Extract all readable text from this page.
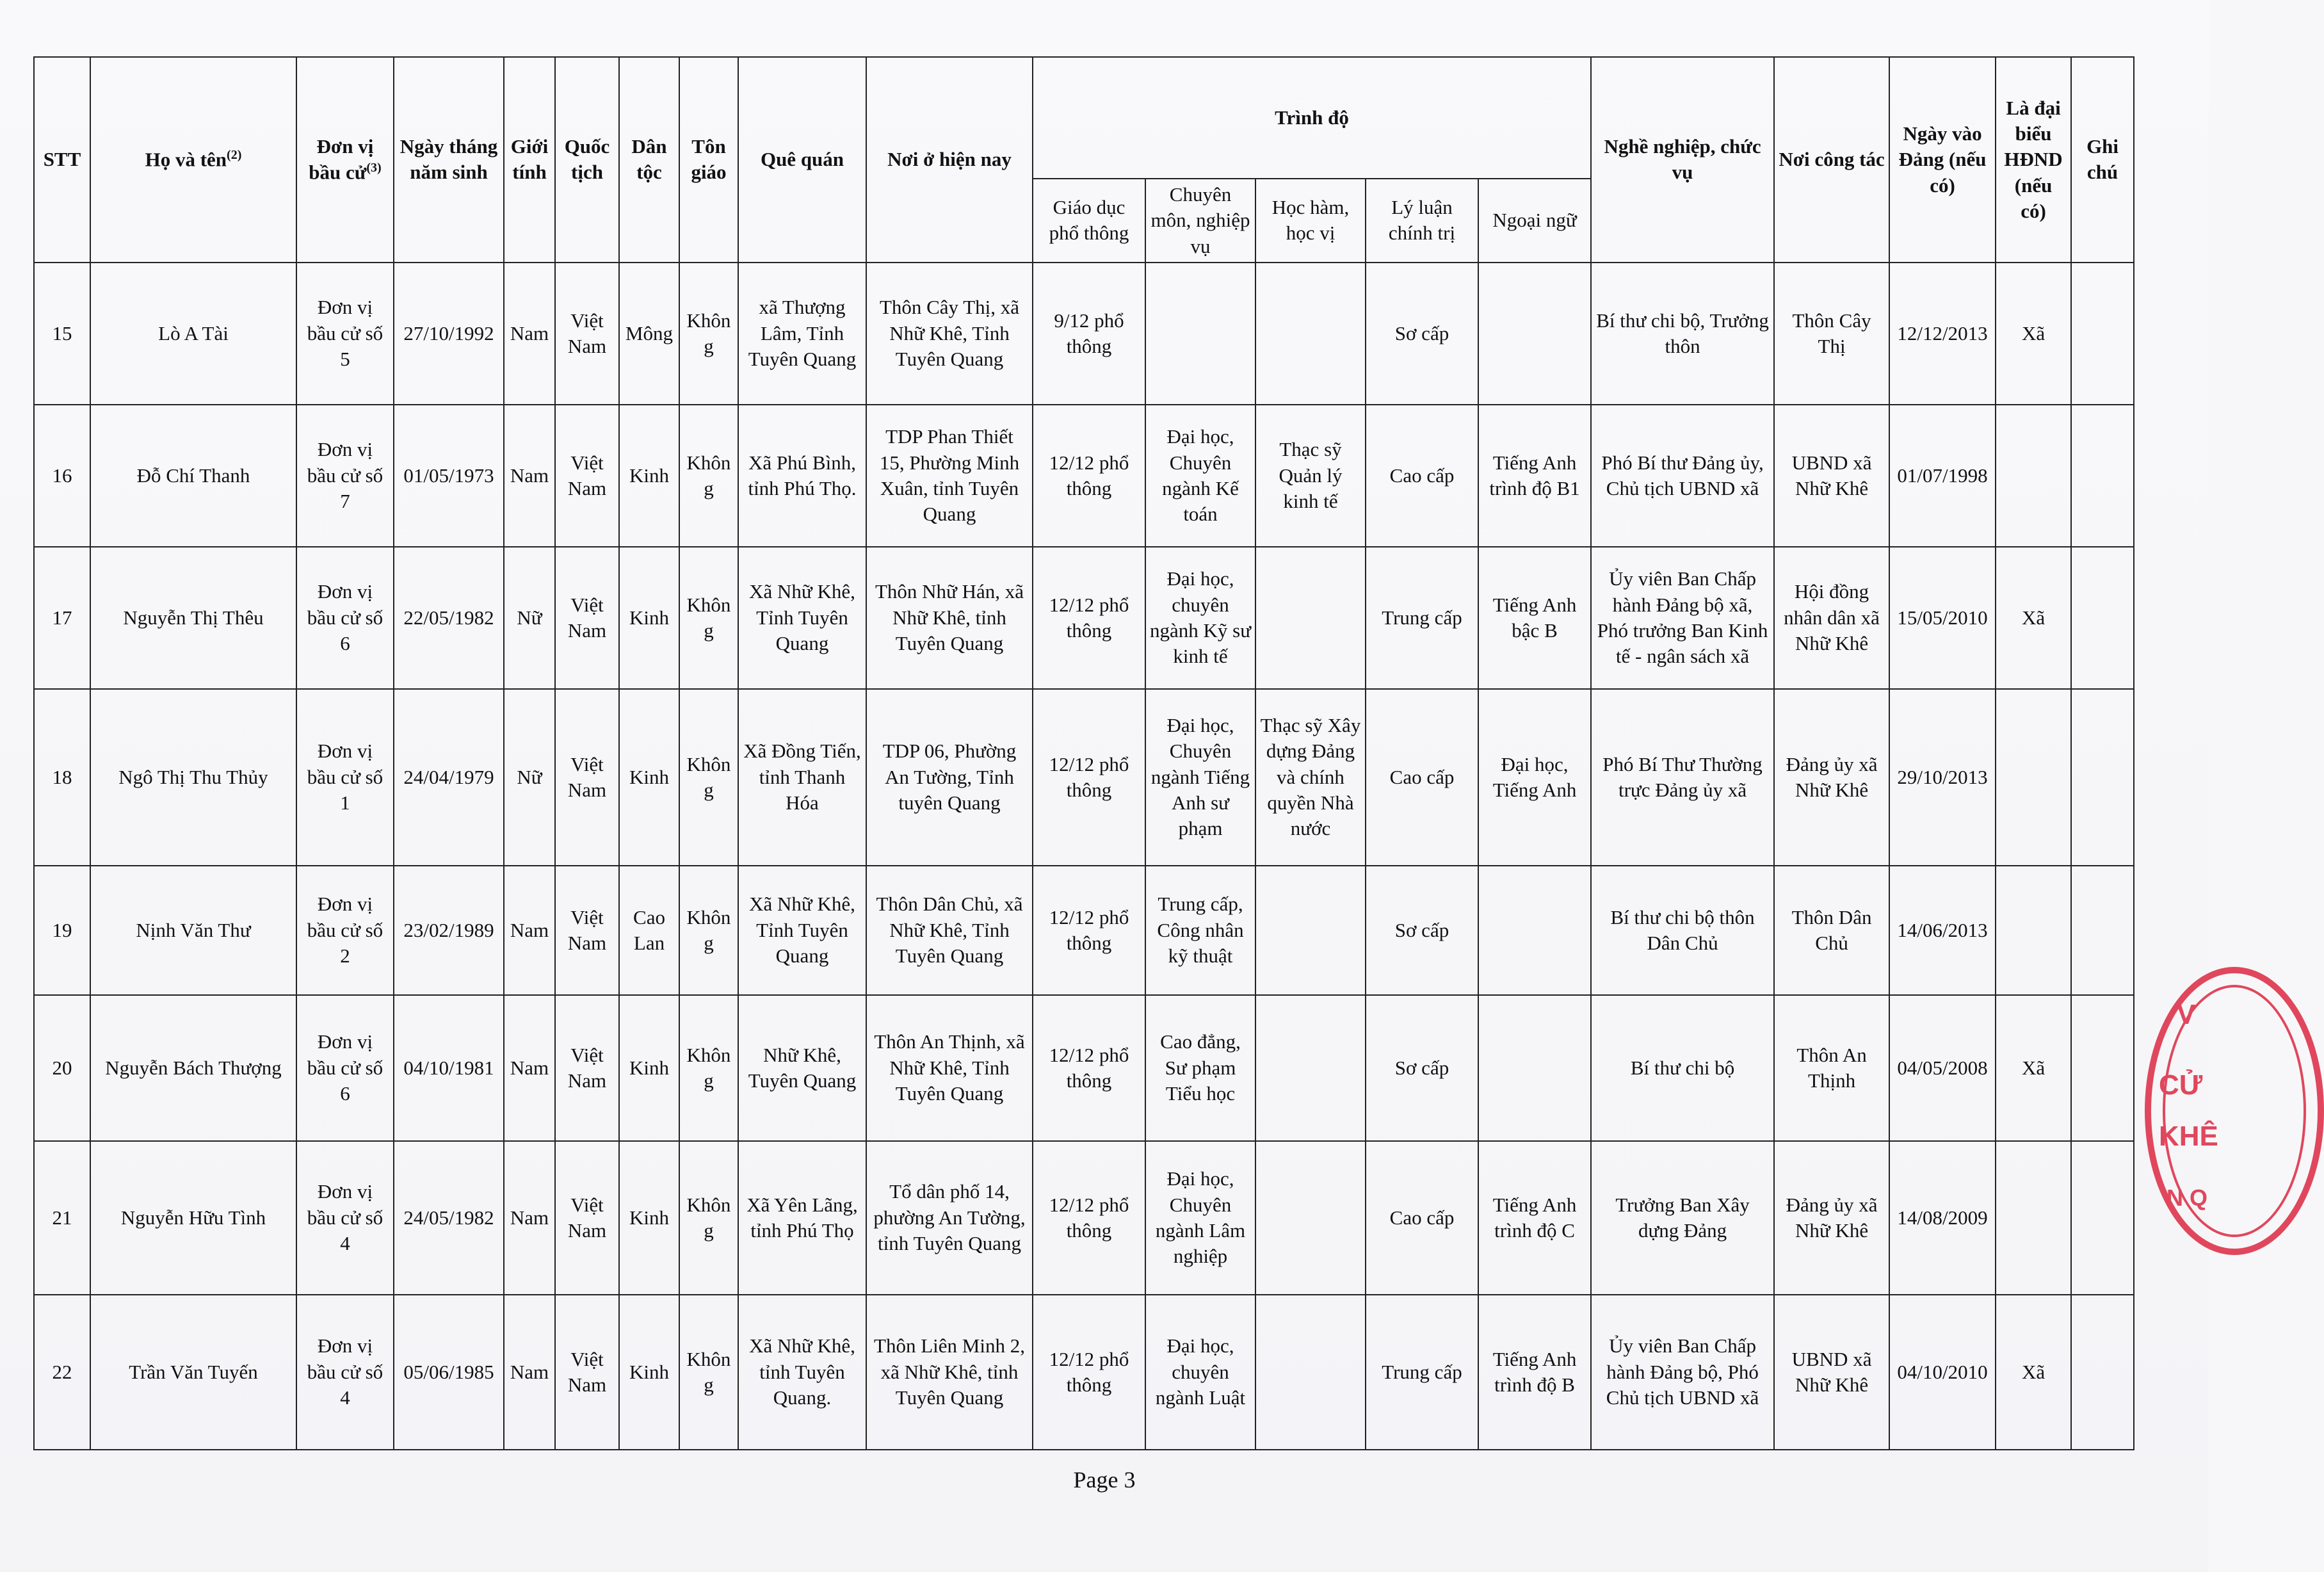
STT	Họ và tên$^{(2)}$	Đơn vị bầu cử$^{(3)}$	Ngày tháng năm sinh	Giới tính	Quốc tịch	Dân tộc	Tôn giáo	Quê quán	Nơi ở hiện nay	Trình độ					Nghề nghiệp, chức vụ	Nơi công tác	Ngày vào Đảng (nếu có)	Là đại biểu HĐND (nếu có)	Ghi chú
										Giáo dục phổ thông	Chuyên môn, nghiệp vụ	Học hàm, học vị	Lý luận chính trị	Ngoại ngữ					
15	Lò A Tài	Đơn vị bầu cử số 5	27/10/1992	Nam	Việt Nam	Mông	Không	xã Thượng Lâm, Tỉnh Tuyên Quang	Thôn Cây Thị, xã Nhữ Khê, Tỉnh Tuyên Quang	9/12 phổ thông			Sơ cấp		Bí thư chi bộ, Trưởng thôn	Thôn Cây Thị	12/12/2013	Xã	
16	Đỗ Chí Thanh	Đơn vị bầu cử số 7	01/05/1973	Nam	Việt Nam	Kinh	Không	Xã Phú Bình, tỉnh Phú Thọ.	TDP Phan Thiết 15, Phường Minh Xuân, tỉnh Tuyên Quang	12/12 phổ thông	Đại học, Chuyên ngành Kế toán	Thạc sỹ Quản lý kinh tế	Cao cấp	Tiếng Anh trình độ B1	Phó Bí thư Đảng ủy, Chủ tịch UBND xã	UBND xã Nhữ Khê	01/07/1998		
17	Nguyễn Thị Thêu	Đơn vị bầu cử số 6	22/05/1982	Nữ	Việt Nam	Kinh	Không	Xã Nhữ Khê, Tỉnh Tuyên Quang	Thôn Nhữ Hán, xã Nhữ Khê, tỉnh Tuyên Quang	12/12 phổ thông	Đại học, chuyên ngành Kỹ sư kinh tế		Trung cấp	Tiếng Anh bậc B	Ủy viên Ban Chấp hành Đảng bộ xã, Phó trưởng Ban Kinh tế - ngân sách xã	Hội đồng nhân dân xã Nhữ Khê	15/05/2010	Xã	
18	Ngô Thị Thu Thủy	Đơn vị bầu cử số 1	24/04/1979	Nữ	Việt Nam	Kinh	Không	Xã Đồng Tiến, tỉnh Thanh Hóa	TDP 06, Phường An Tường, Tỉnh tuyên Quang	12/12 phổ thông	Đại học, Chuyên ngành Tiếng Anh sư phạm	Thạc sỹ Xây dựng Đảng và chính quyền Nhà nước	Cao cấp	Đại học, Tiếng Anh	Phó Bí Thư Thường trực Đảng ủy xã	Đảng ủy xã Nhữ Khê	29/10/2013		
19	Nịnh Văn Thư	Đơn vị bầu cử số 2	23/02/1989	Nam	Việt Nam	Cao Lan	Không	Xã Nhữ Khê, Tỉnh Tuyên Quang	Thôn Dân Chủ, xã Nhữ Khê, Tỉnh Tuyên Quang	12/12 phổ thông	Trung cấp, Công nhân kỹ thuật		Sơ cấp		Bí thư chi bộ thôn Dân Chủ	Thôn Dân Chủ	14/06/2013		
20	Nguyễn Bách Thượng	Đơn vị bầu cử số 6	04/10/1981	Nam	Việt Nam	Kinh	Không	Nhữ Khê, Tuyên Quang	Thôn An Thịnh, xã Nhữ Khê, Tỉnh Tuyên Quang	12/12 phổ thông	Cao đẳng, Sư phạm Tiểu học		Sơ cấp		Bí thư chi bộ	Thôn An Thịnh	04/05/2008	Xã	
21	Nguyễn Hữu Tình	Đơn vị bầu cử số 4	24/05/1982	Nam	Việt Nam	Kinh	Không	Xã Yên Lãng, tỉnh Phú Thọ	Tổ dân phố 14, phường An Tường, tỉnh Tuyên Quang	12/12 phổ thông	Đại học, Chuyên ngành Lâm nghiệp		Cao cấp	Tiếng Anh trình độ C	Trưởng Ban Xây dựng Đảng	Đảng ủy xã Nhữ Khê	14/08/2009		
22	Trần Văn Tuyến	Đơn vị bầu cử số 4	05/06/1985	Nam	Việt Nam	Kinh	Không	Xã Nhữ Khê, tỉnh Tuyên Quang.	Thôn Liên Minh 2, xã Nhữ Khê, tỉnh Tuyên Quang	12/12 phổ thông	Đại học, chuyên ngành Luật		Trung cấp	Tiếng Anh trình độ B	Ủy viên Ban Chấp hành Đảng bộ, Phó Chủ tịch UBND xã	UBND xã Nhữ Khê	04/10/2010	Xã	
Page 3
V
CỬ
KHÊ
N Q
